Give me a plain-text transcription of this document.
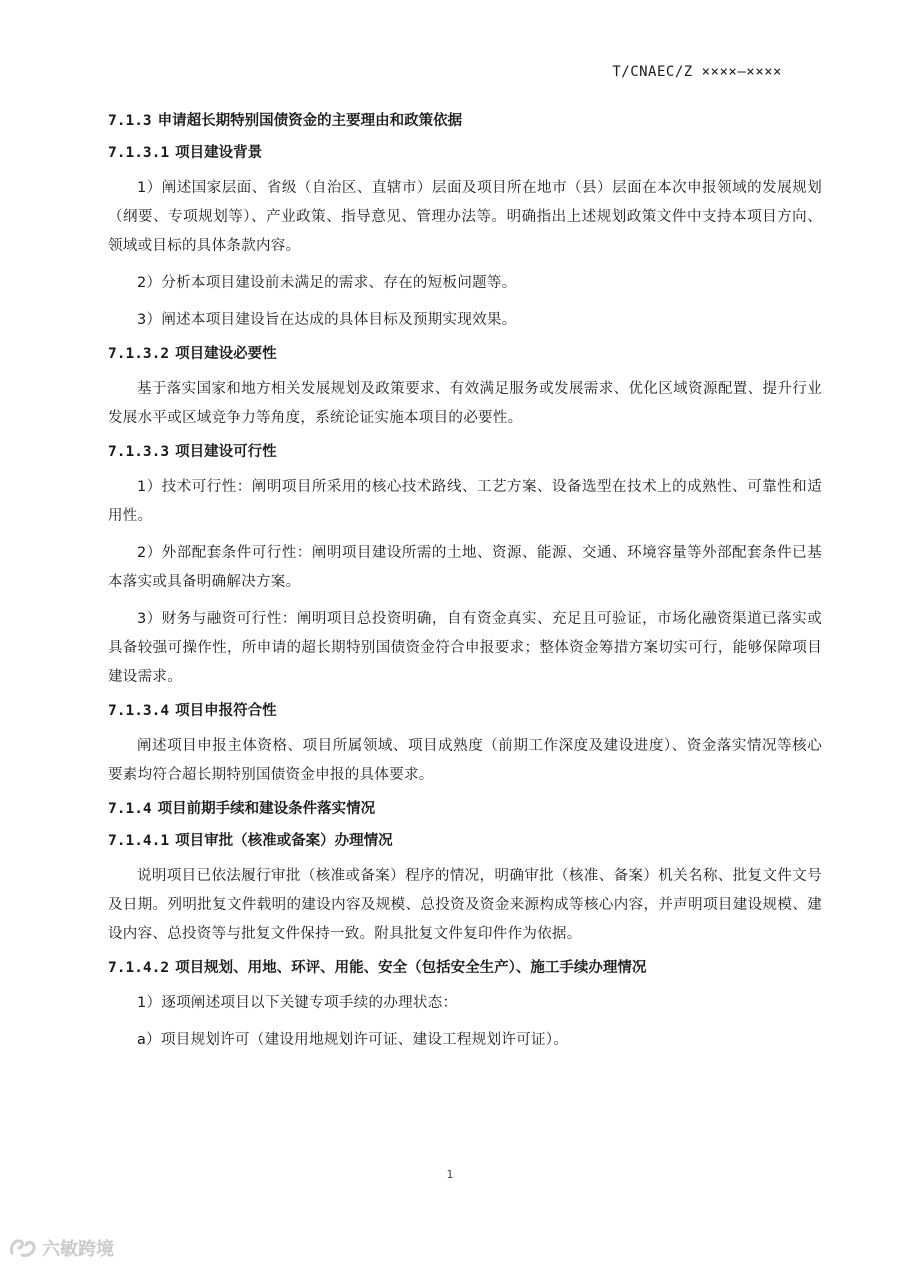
T/CNAEC/Z ××××—××××
7.1.3 申请超长期特别国债资金的主要理由和政策依据
7.1.3.1 项目建设背景
1）阐述国家层面、省级（自治区、直辖市）层面及项目所在地市（县）层面在本次申报领域的发展规划（纲要、专项规划等）、产业政策、指导意见、管理办法等。明确指出上述规划政策文件中支持本项目方向、领域或目标的具体条款内容。
2）分析本项目建设前未满足的需求、存在的短板问题等。
3）阐述本项目建设旨在达成的具体目标及预期实现效果。
7.1.3.2 项目建设必要性
基于落实国家和地方相关发展规划及政策要求、有效满足服务或发展需求、优化区域资源配置、提升行业发展水平或区域竞争力等角度，系统论证实施本项目的必要性。
7.1.3.3 项目建设可行性
1）技术可行性：阐明项目所采用的核心技术路线、工艺方案、设备选型在技术上的成熟性、可靠性和适用性。
2）外部配套条件可行性：阐明项目建设所需的土地、资源、能源、交通、环境容量等外部配套条件已基本落实或具备明确解决方案。
3）财务与融资可行性：阐明项目总投资明确，自有资金真实、充足且可验证，市场化融资渠道已落实或具备较强可操作性，所申请的超长期特别国债资金符合申报要求；整体资金筹措方案切实可行，能够保障项目建设需求。
7.1.3.4 项目申报符合性
阐述项目申报主体资格、项目所属领域、项目成熟度（前期工作深度及建设进度）、资金落实情况等核心要素均符合超长期特别国债资金申报的具体要求。
7.1.4 项目前期手续和建设条件落实情况
7.1.4.1 项目审批（核准或备案）办理情况
说明项目已依法履行审批（核准或备案）程序的情况，明确审批（核准、备案）机关名称、批复文件文号及日期。列明批复文件载明的建设内容及规模、总投资及资金来源构成等核心内容，并声明项目建设规模、建设内容、总投资等与批复文件保持一致。附具批复文件复印件作为依据。
7.1.4.2 项目规划、用地、环评、用能、安全（包括安全生产）、施工手续办理情况
1）逐项阐述项目以下关键专项手续的办理状态：
a）项目规划许可（建设用地规划许可证、建设工程规划许可证）。
1
六敏跨境
